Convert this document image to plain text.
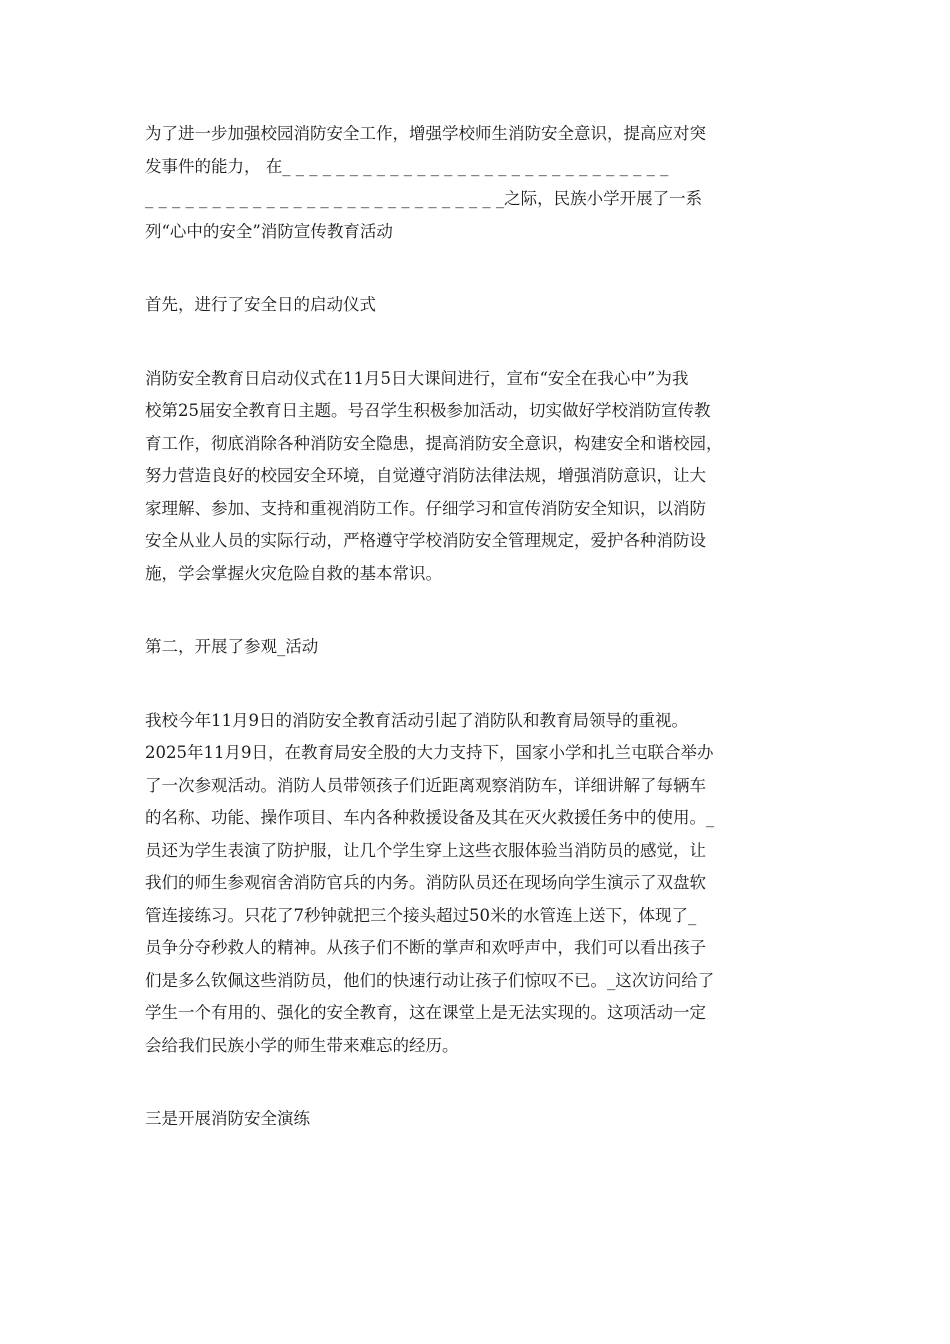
为了进一步加强校园消防安全工作，增强学校师生消防安全意识，提高应对突
发事件的能力， 在_ _ _ _ _ _ _ _ _ _ _ _ _ _ _ _ _ _ _ _ _ _ _ _ _ _ _ _ _
_ _ _ _ _ _ _ _ _ _ _ _ _ _ _ _ _ _ _ _ _ _ _ _ _ _ _之际，民族小学开展了一系
列“心中的安全”消防宣传教育活动
首先，进行了安全日的启动仪式
消防安全教育日启动仪式在11月5日大课间进行，宣布“安全在我心中”为我
校第25届安全教育日主题。号召学生积极参加活动，切实做好学校消防宣传教
育工作，彻底消除各种消防安全隐患，提高消防安全意识，构建安全和谐校园，
努力营造良好的校园安全环境，自觉遵守消防法律法规，增强消防意识，让大
家理解、参加、支持和重视消防工作。仔细学习和宣传消防安全知识，以消防
安全从业人员的实际行动，严格遵守学校消防安全管理规定，爱护各种消防设
施，学会掌握火灾危险自救的基本常识。
第二，开展了参观_活动
我校今年11月9日的消防安全教育活动引起了消防队和教育局领导的重视。
2025年11月9日，在教育局安全股的大力支持下，国家小学和扎兰屯联合举办
了一次参观活动。消防人员带领孩子们近距离观察消防车，详细讲解了每辆车
的名称、功能、操作项目、车内各种救援设备及其在灭火救援任务中的使用。_
员还为学生表演了防护服，让几个学生穿上这些衣服体验当消防员的感觉，让
我们的师生参观宿舍消防官兵的内务。消防队员还在现场向学生演示了双盘软
管连接练习。只花了7秒钟就把三个接头超过50米的水管连上送下，体现了_
员争分夺秒救人的精神。从孩子们不断的掌声和欢呼声中，我们可以看出孩子
们是多么钦佩这些消防员，他们的快速行动让孩子们惊叹不已。_这次访问给了
学生一个有用的、强化的安全教育，这在课堂上是无法实现的。这项活动一定
会给我们民族小学的师生带来难忘的经历。
三是开展消防安全演练
